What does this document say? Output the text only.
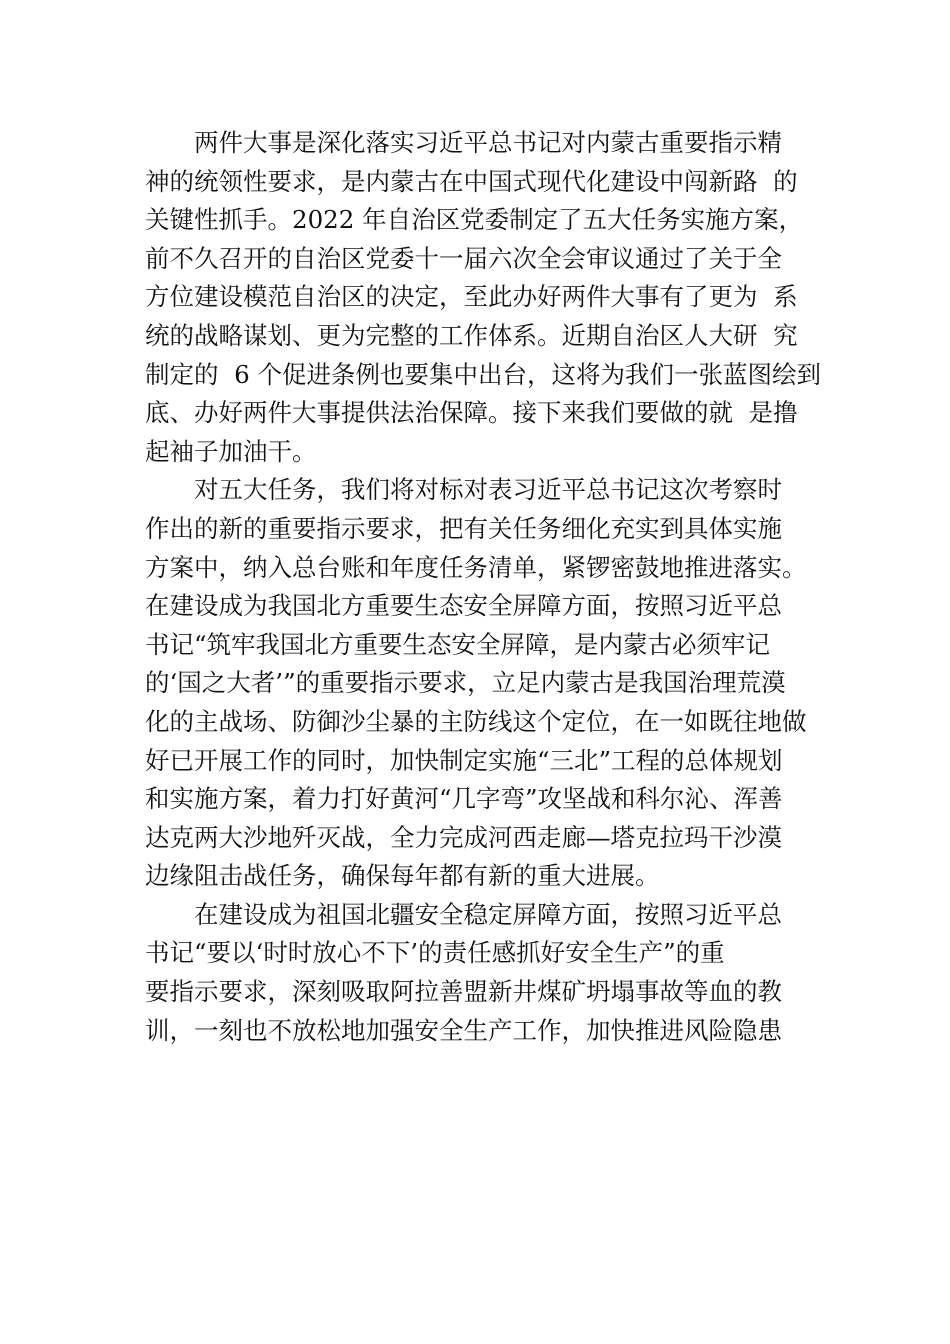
两件大事是深化落实习近平总书记对内蒙古重要指示精
神的统领性要求，是内蒙古在中国式现代化建设中闯新路  的
关键性抓手。2022 年自治区党委制定了五大任务实施方案，
前不久召开的自治区党委十一届六次全会审议通过了关于全
方位建设模范自治区的决定，至此办好两件大事有了更为  系
统的战略谋划、更为完整的工作体系。近期自治区人大研  究
制定的  6 个促进条例也要集中出台，这将为我们一张蓝图绘到
底、办好两件大事提供法治保障。接下来我们要做的就  是撸
起袖子加油干。
对五大任务，我们将对标对表习近平总书记这次考察时
作出的新的重要指示要求，把有关任务细化充实到具体实施
方案中，纳入总台账和年度任务清单，紧锣密鼓地推进落实。
在建设成为我国北方重要生态安全屏障方面，按照习近平总
书记“筑牢我国北方重要生态安全屏障，是内蒙古必须牢记
的‘国之大者’”的重要指示要求，立足内蒙古是我国治理荒漠
化的主战场、防御沙尘暴的主防线这个定位，在一如既往地做
好已开展工作的同时，加快制定实施“三北”工程的总体规划
和实施方案，着力打好黄河“几字弯”攻坚战和科尔沁、浑善
达克两大沙地歼灭战，全力完成河西走廊—塔克拉玛干沙漠
边缘阻击战任务，确保每年都有新的重大进展。
在建设成为祖国北疆安全稳定屏障方面，按照习近平总
书记“要以‘时时放心不下’的责任感抓好安全生产”的重
要指示要求，深刻吸取阿拉善盟新井煤矿坍塌事故等血的教
训，一刻也不放松地加强安全生产工作，加快推进风险隐患
